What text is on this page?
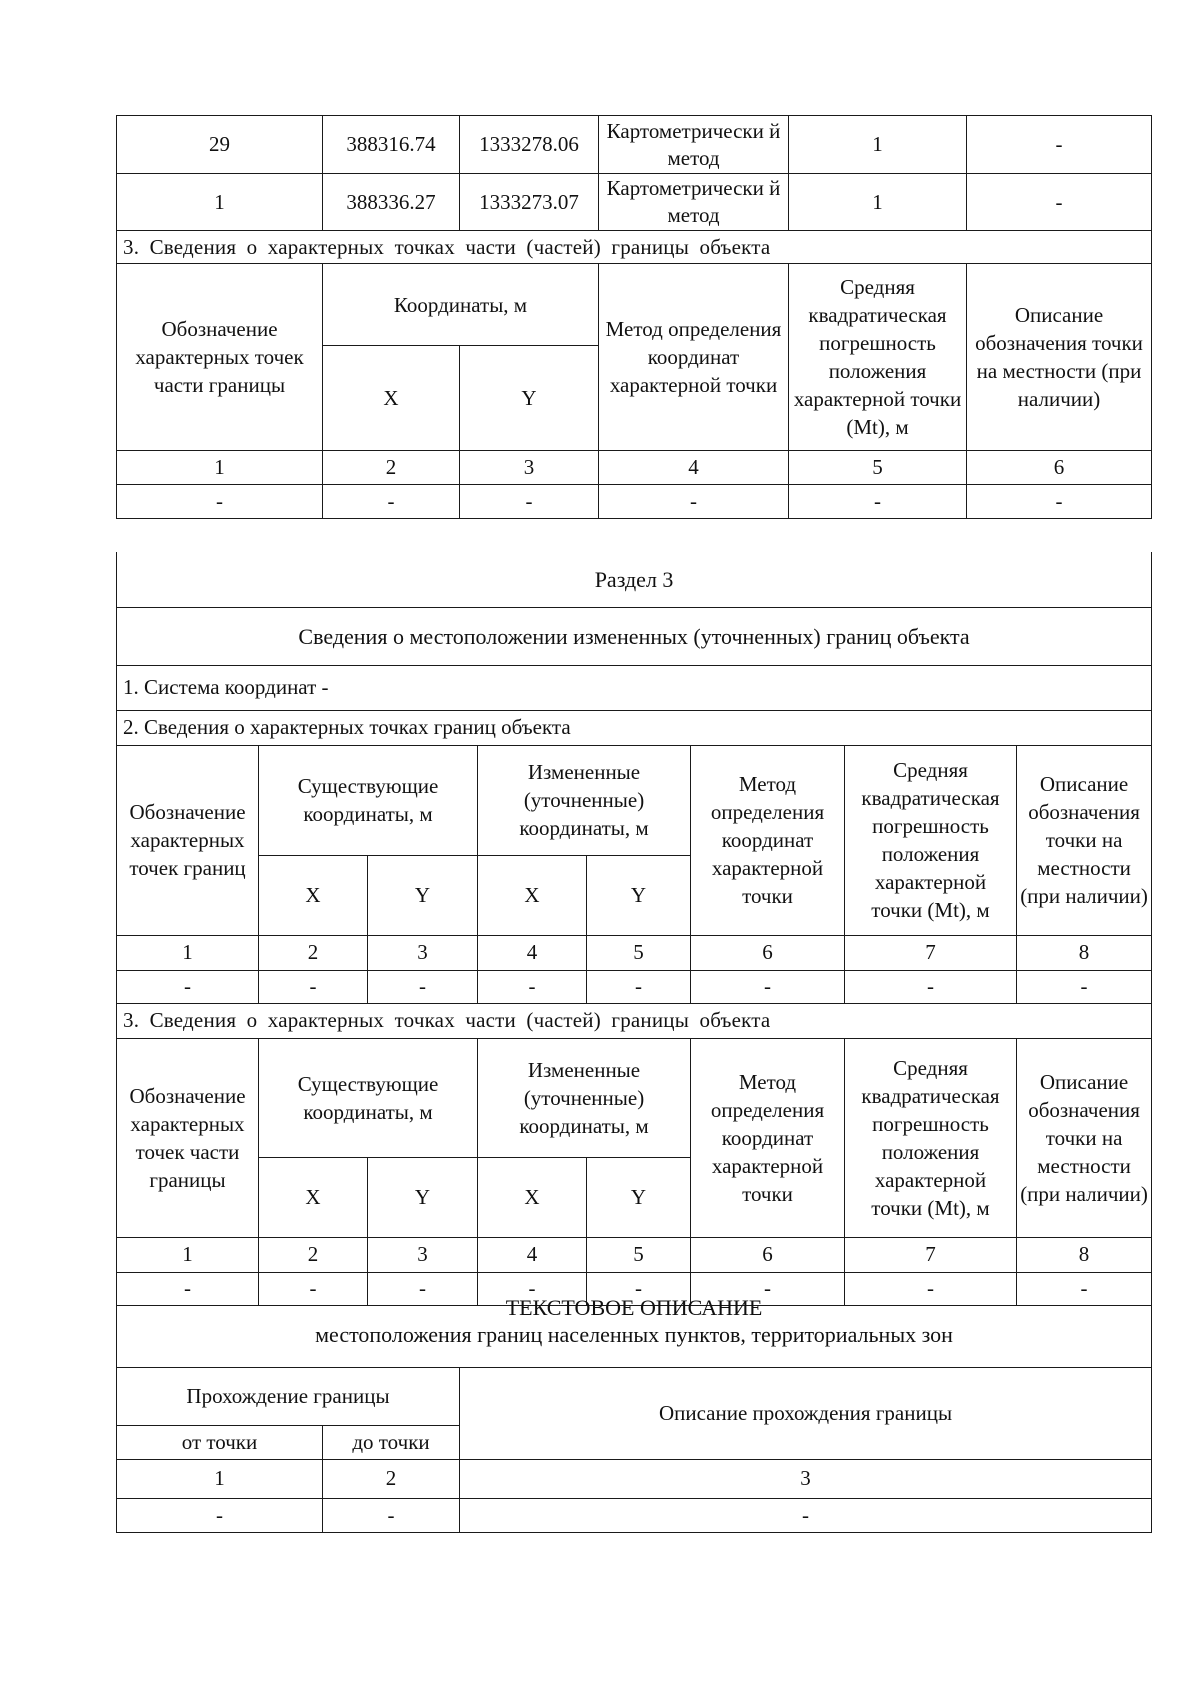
29	388316.74	1333278.06	Картометрически й метод	1	-
1	388336.27	1333273.07	Картометрически й метод	1	-
3. Сведения о характерных точках части (частей) границы объекта					
Обозначение характерных точек части границы	Координаты, м		Метод определения координат характерной точки	Средняя квадратическая погрешность положения характерной точки (Mt), м	Описание обозначения точки на местности (при наличии)
	X	Y			
1	2	3	4	5	6
-	-	-	-	-	-
Раздел 3							
Сведения о местоположении измененных (уточненных) границ объекта							
1. Система координат -							
2. Сведения о характерных точках границ объекта							
Обозначение характерных точек границ	Существующие координаты, м		Измененные (уточненные) координаты, м		Метод определения координат характерной точки	Средняя квадратическая погрешность положения характерной точки (Mt), м	Описание обозначения точки на местности (при наличии)
	X	Y	X	Y			
1	2	3	4	5	6	7	8
-	-	-	-	-	-	-	-
3. Сведения о характерных точках части (частей) границы объекта							
Обозначение характерных точек части границы	Существующие координаты, м		Измененные (уточненные) координаты, м		Метод определения координат характерной точки	Средняя квадратическая погрешность положения характерной точки (Mt), м	Описание обозначения точки на местности (при наличии)
	X	Y	X	Y			
1	2	3	4	5	6	7	8
-	-	-	-	-	-	-	-
ТЕКСТОВОЕ ОПИСАНИЕ
местоположения границ населенных пунктов, территориальных зон		

Прохождение границы		Описание прохождения границы
от точки	до точки	
1	2	3
-	-	-
